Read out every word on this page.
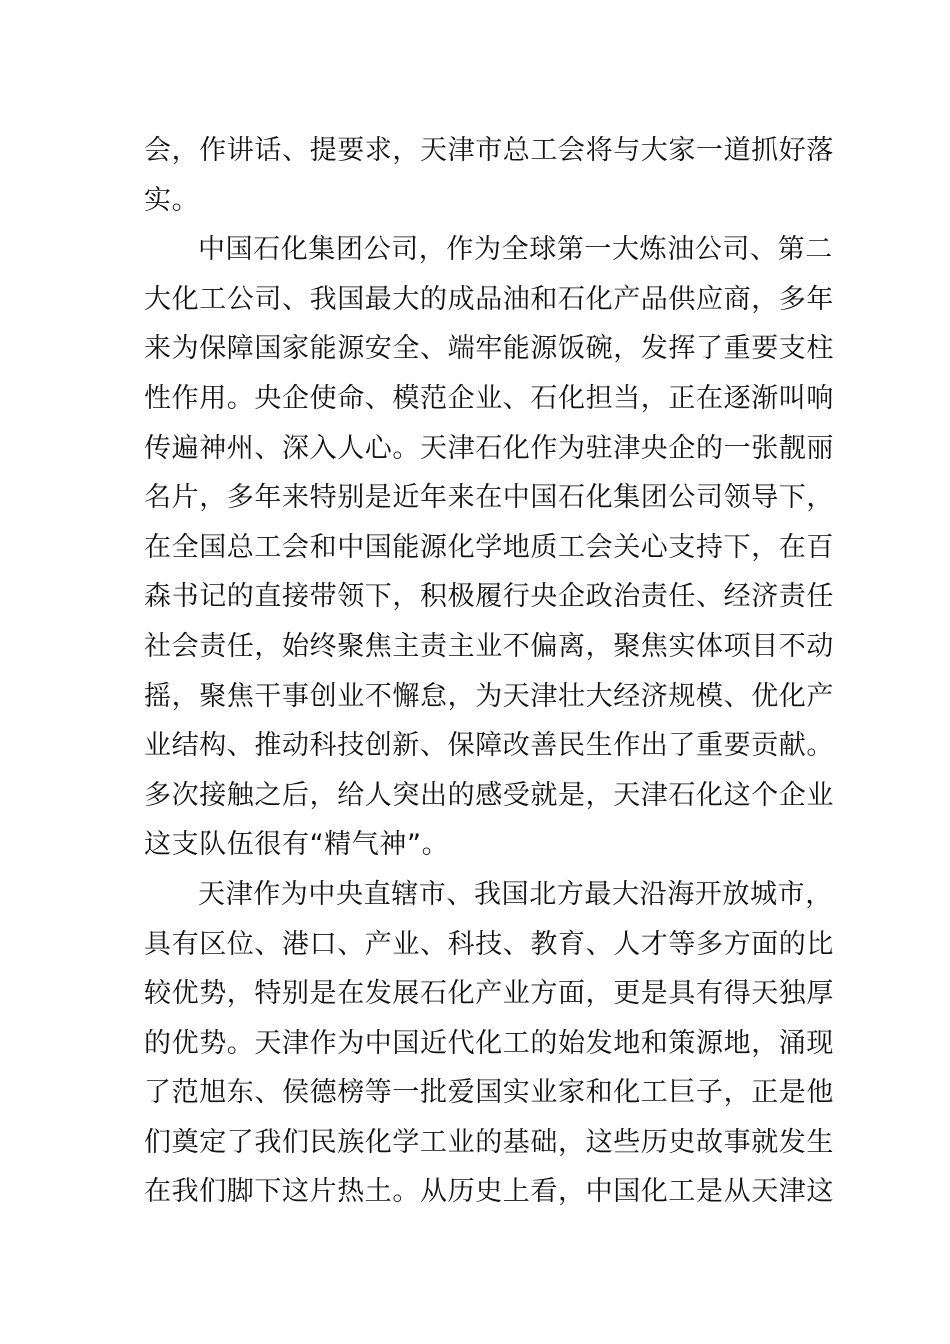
会，作讲话、提要求，天津市总工会将与大家一道抓好落
实。
中国石化集团公司，作为全球第一大炼油公司、第二
大化工公司、我国最大的成品油和石化产品供应商，多年
来为保障国家能源安全、端牢能源饭碗，发挥了重要支柱
性作用。央企使命、模范企业、石化担当，正在逐渐叫响
传遍神州、深入人心。天津石化作为驻津央企的一张靓丽
名片，多年来特别是近年来在中国石化集团公司领导下，
在全国总工会和中国能源化学地质工会关心支持下，在百
森书记的直接带领下，积极履行央企政治责任、经济责任
社会责任，始终聚焦主责主业不偏离，聚焦实体项目不动
摇，聚焦干事创业不懈怠，为天津壮大经济规模、优化产
业结构、推动科技创新、保障改善民生作出了重要贡献。
多次接触之后，给人突出的感受就是，天津石化这个企业
这支队伍很有“精气神”。
天津作为中央直辖市、我国北方最大沿海开放城市，
具有区位、港口、产业、科技、教育、人才等多方面的比
较优势，特别是在发展石化产业方面，更是具有得天独厚
的优势。天津作为中国近代化工的始发地和策源地，涌现
了范旭东、侯德榜等一批爱国实业家和化工巨子，正是他
们奠定了我们民族化学工业的基础，这些历史故事就发生
在我们脚下这片热土。从历史上看，中国化工是从天津这
